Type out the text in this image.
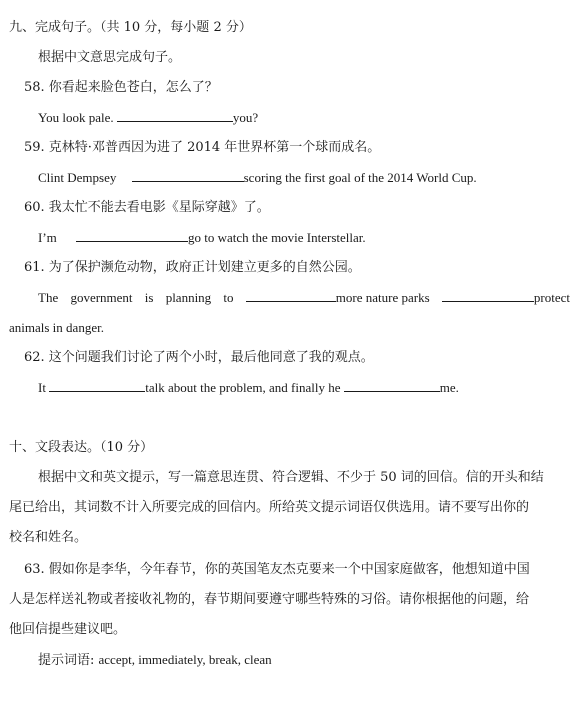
九、完成句子。（共 10 分，每小题 2 分）
根据中文意思完成句子。
58. 你看起来脸色苍白，怎么了？
You look pale.	you?
59. 克林特·邓普西因为进了 2014 年世界杯第一个球而成名。
Clint Dempsey	scoring the first goal of the 2014 World Cup.
60. 我太忙不能去看电影《星际穿越》了。
I’m	go to watch the movie Interstellar.
61. 为了保护濒危动物，政府正计划建立更多的自然公园。
The government is planning to	more nature parks	protect
animals in danger.
62. 这个问题我们讨论了两个小时，最后他同意了我的观点。
It	talk about the problem, and finally he	me.
十、文段表达。（10 分）
根据中文和英文提示，写一篇意思连贯、符合逻辑、不少于 50 词的回信。信的开头和结
尾已给出，其词数不计入所要完成的回信内。所给英文提示词语仅供选用。请不要写出你的
校名和姓名。
63. 假如你是李华，今年春节，你的英国笔友杰克要来一个中国家庭做客，他想知道中国
人是怎样送礼物或者接收礼物的，春节期间要遵守哪些特殊的习俗。请你根据他的问题，给
他回信提些建议吧。
提示词语: accept, immediately, break, clean
